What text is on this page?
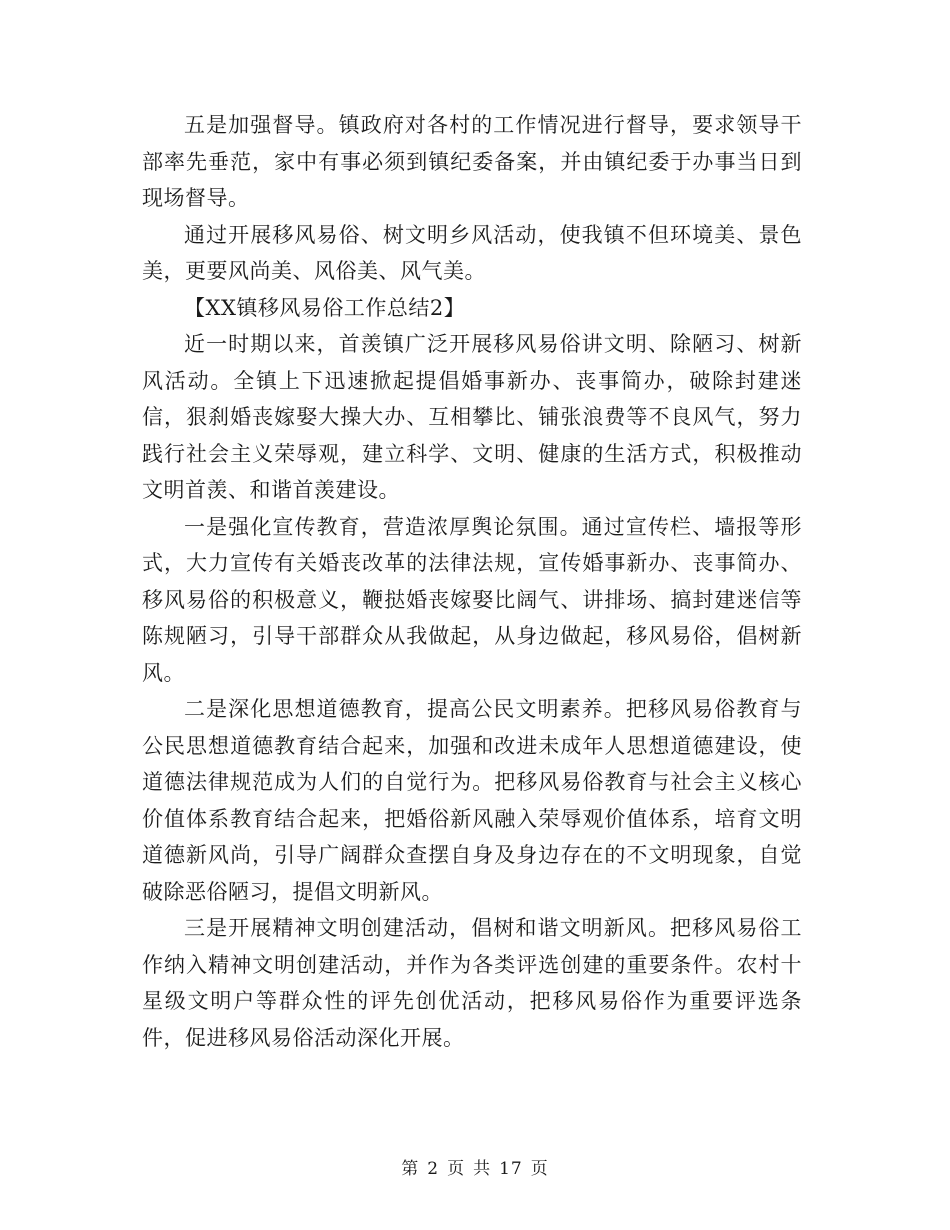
五是加强督导。镇政府对各村的工作情况进行督导，要求领导干部率先垂范，家中有事必须到镇纪委备案，并由镇纪委于办事当日到现场督导。

通过开展移风易俗、树文明乡风活动，使我镇不但环境美、景色美，更要风尚美、风俗美、风气美。

【XX镇移风易俗工作总结2】

近一时期以来，首羡镇广泛开展移风易俗讲文明、除陋习、树新风活动。全镇上下迅速掀起提倡婚事新办、丧事简办，破除封建迷信，狠刹婚丧嫁娶大操大办、互相攀比、铺张浪费等不良风气，努力践行社会主义荣辱观，建立科学、文明、健康的生活方式，积极推动文明首羡、和谐首羡建设。

一是强化宣传教育，营造浓厚舆论氛围。通过宣传栏、墙报等形式，大力宣传有关婚丧改革的法律法规，宣传婚事新办、丧事简办、移风易俗的积极意义，鞭挞婚丧嫁娶比阔气、讲排场、搞封建迷信等陈规陋习，引导干部群众从我做起，从身边做起，移风易俗，倡树新风。

二是深化思想道德教育，提高公民文明素养。把移风易俗教育与公民思想道德教育结合起来，加强和改进未成年人思想道德建设，使道德法律规范成为人们的自觉行为。把移风易俗教育与社会主义核心价值体系教育结合起来，把婚俗新风融入荣辱观价值体系，培育文明道德新风尚，引导广阔群众查摆自身及身边存在的不文明现象，自觉破除恶俗陋习，提倡文明新风。

三是开展精神文明创建活动，倡树和谐文明新风。把移风易俗工作纳入精神文明创建活动，并作为各类评选创建的重要条件。农村十星级文明户等群众性的评先创优活动，把移风易俗作为重要评选条件，促进移风易俗活动深化开展。

第 2 页 共 17 页
